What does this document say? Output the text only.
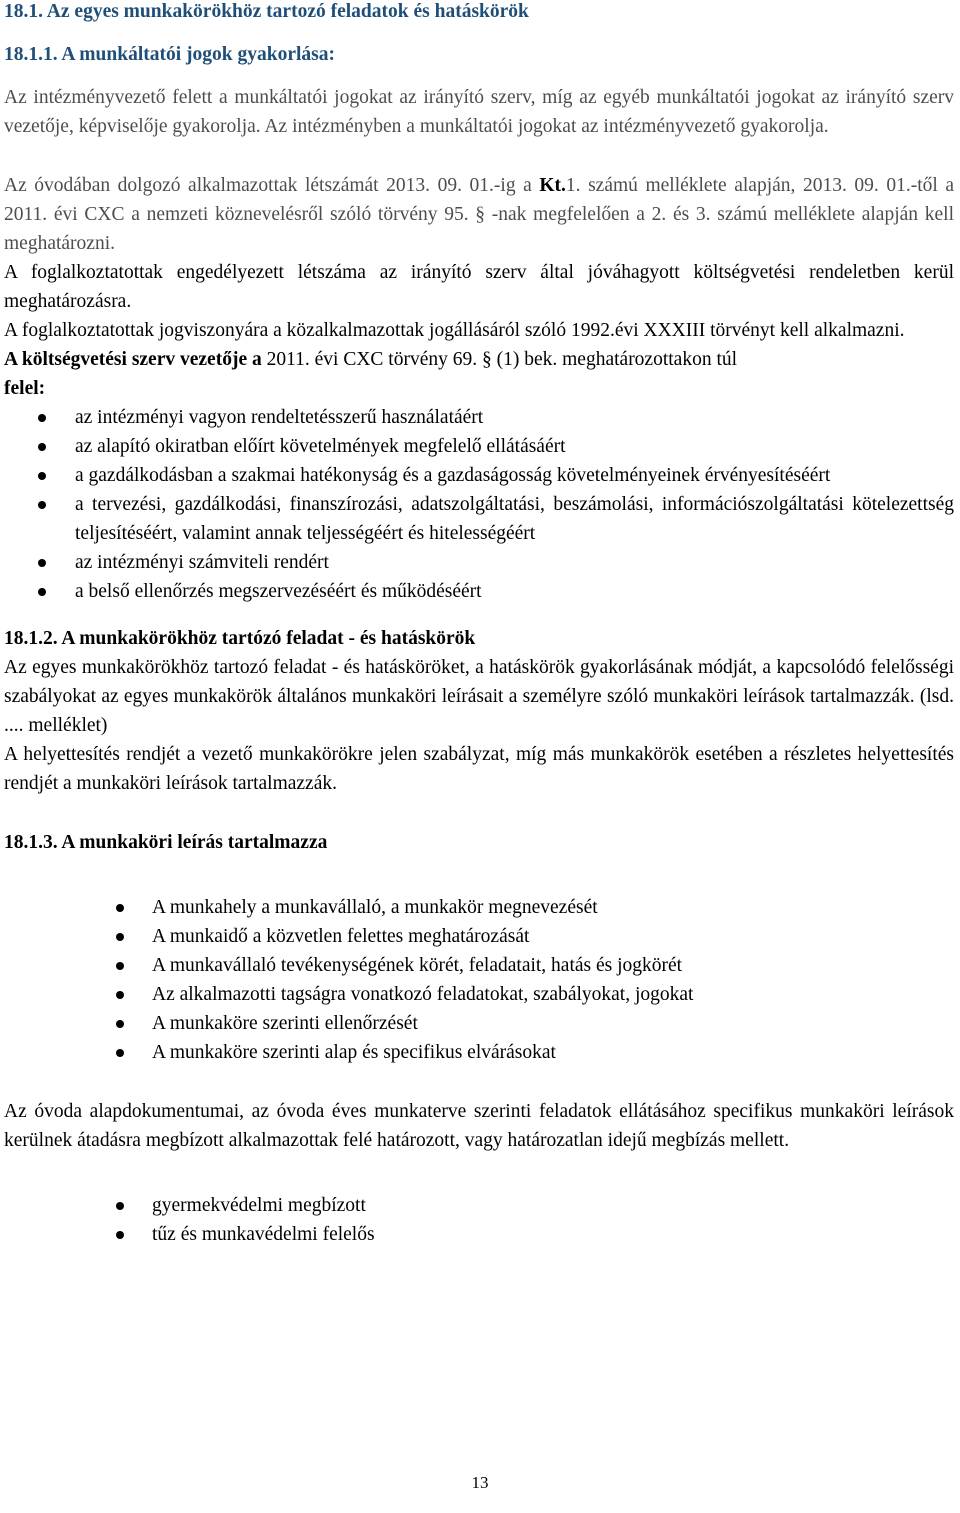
18.1. Az egyes munkakörökhöz tartozó feladatok és hatáskörök

18.1.1. A munkáltatói jogok gyakorlása:

Az intézményvezető felett a munkáltatói jogokat az irányító szerv, míg az egyéb munkáltatói jogokat az irányító szerv vezetője, képviselője gyakorolja. Az intézményben a munkáltatói jogokat az intézményvezető gyakorolja.

Az óvodában dolgozó alkalmazottak létszámát 2013. 09. 01.-ig a Kt.1. számú melléklete alapján, 2013. 09. 01.-től a 2011. évi CXC a nemzeti köznevelésről szóló törvény 95. § -nak megfelelően a 2. és 3. számú melléklete alapján kell meghatározni.

A foglalkoztatottak engedélyezett létszáma az irányító szerv által jóváhagyott költségvetési rendeletben kerül meghatározásra.

A foglalkoztatottak jogviszonyára a közalkalmazottak jogállásáról szóló 1992.évi XXXIII törvényt kell alkalmazni.

A költségvetési szerv vezetője a 2011. évi CXC törvény 69. § (1) bek. meghatározottakon túl
felel:

az intézményi vagyon rendeltetésszerű használatáért
az alapító okiratban előírt követelmények megfelelő ellátásáért
a gazdálkodásban a szakmai hatékonyság és a gazdaságosság követelményeinek érvényesítéséért
a tervezési, gazdálkodási, finanszírozási, adatszolgáltatási, beszámolási, információszolgáltatási kötelezettség teljesítéséért, valamint annak teljességéért és hitelességéért
az intézményi számviteli rendért
a belső ellenőrzés megszervezéséért és működéséért

18.1.2. A munkakörökhöz tartózó feladat - és hatáskörök

Az egyes munkakörökhöz tartozó feladat - és hatásköröket, a hatáskörök gyakorlásának módját, a kapcsolódó felelősségi szabályokat az egyes munkakörök általános munkaköri leírásait a személyre szóló munkaköri leírások tartalmazzák. (lsd. .... melléklet)

A helyettesítés rendjét a vezető munkakörökre jelen szabályzat, míg más munkakörök esetében a részletes helyettesítés rendjét a munkaköri leírások tartalmazzák.

18.1.3. A munkaköri leírás tartalmazza

A munkahely a munkavállaló, a munkakör megnevezését
A munkaidő a közvetlen felettes meghatározását
A munkavállaló tevékenységének körét, feladatait, hatás és jogkörét
Az alkalmazotti tagságra vonatkozó feladatokat, szabályokat, jogokat
A munkaköre szerinti ellenőrzését
A munkaköre szerinti alap és specifikus elvárásokat

Az óvoda alapdokumentumai, az óvoda éves munkaterve szerinti feladatok ellátásához specifikus munkaköri leírások kerülnek átadásra megbízott alkalmazottak felé határozott, vagy határozatlan idejű megbízás mellett.

gyermekvédelmi megbízott
tűz és munkavédelmi felelős
13
